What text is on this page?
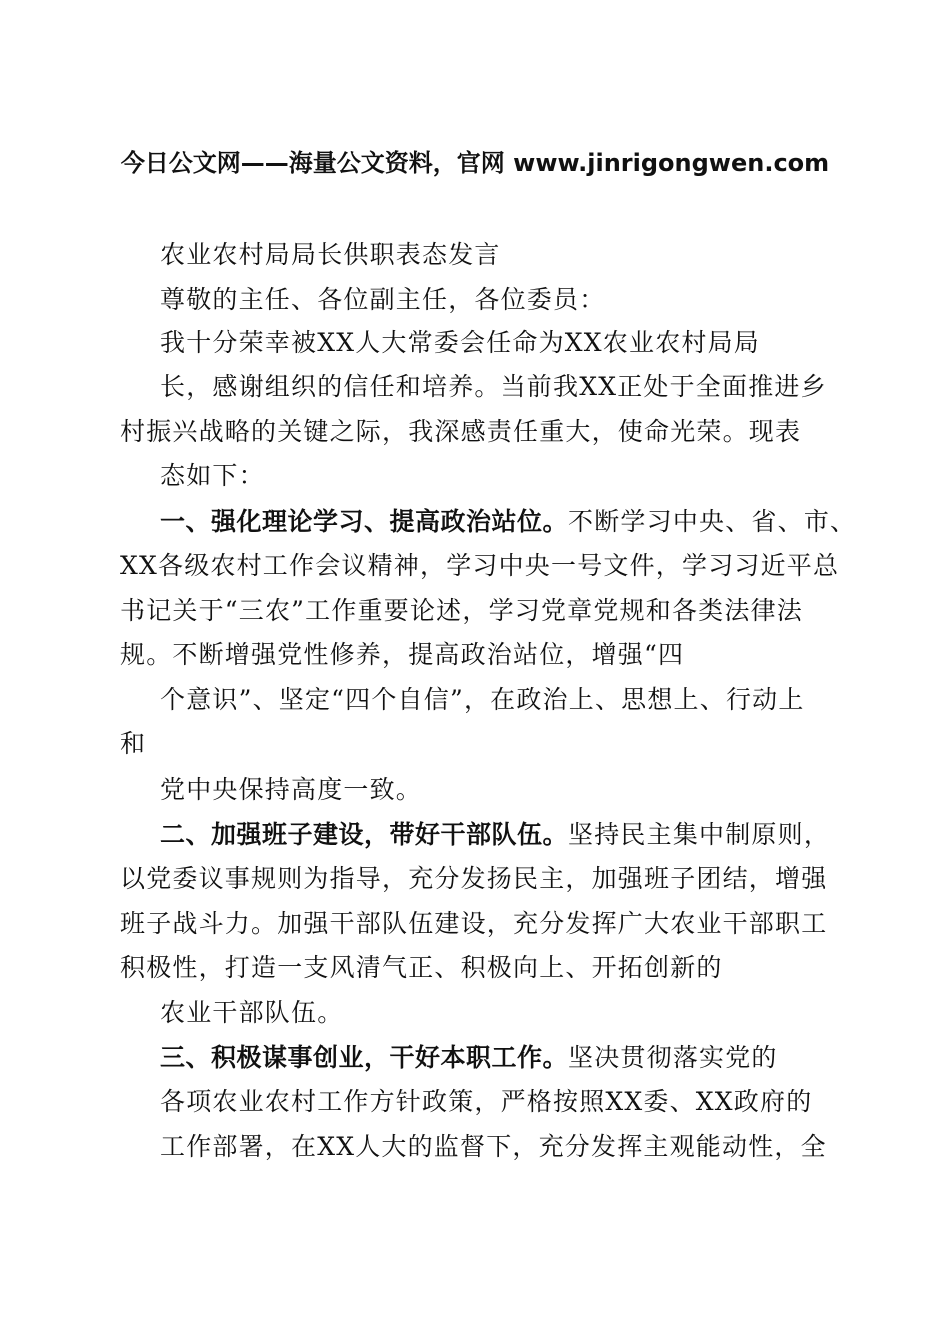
今日公文网——海量公文资料，官网 www.jinrigongwen.com
农业农村局局长供职表态发言
尊敬的主任、各位副主任，各位委员：
我十分荣幸被XX人大常委会任命为XX农业农村局局
长，感谢组织的信任和培养。当前我XX正处于全面推进乡
村振兴战略的关键之际，我深感责任重大，使命光荣。现表
态如下：
一、强化理论学习、提高政治站位。不断学习中央、省、市、
XX各级农村工作会议精神，学习中央一号文件，学习习近平总
书记关于“三农”工作重要论述，学习党章党规和各类法律法
规。不断增强党性修养，提高政治站位，增强“四
个意识”、坚定“四个自信”，在政治上、思想上、行动上
和
党中央保持高度一致。
二、加强班子建设，带好干部队伍。坚持民主集中制原则，
以党委议事规则为指导，充分发扬民主，加强班子团结，增强
班子战斗力。加强干部队伍建设，充分发挥广大农业干部职工
积极性，打造一支风清气正、积极向上、开拓创新的
农业干部队伍。
三、积极谋事创业，干好本职工作。坚决贯彻落实党的
各项农业农村工作方针政策，严格按照XX委、XX政府的
工作部署，在XX人大的监督下，充分发挥主观能动性，全
